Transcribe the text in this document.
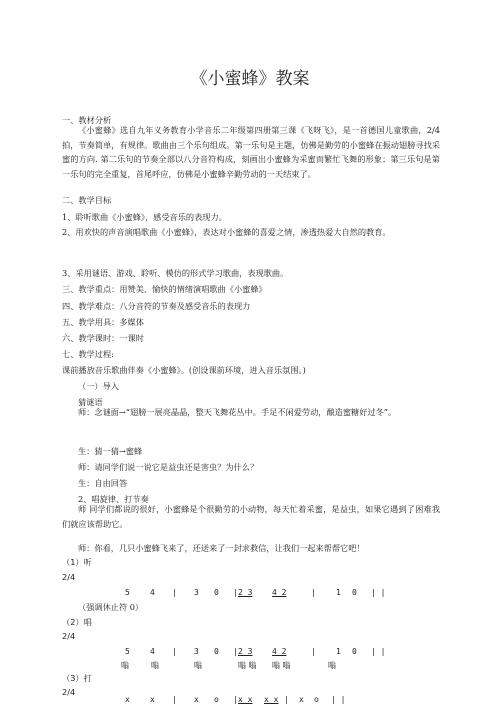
《小蜜蜂》教案
一、教材分析
《小蜜蜂》选自九年义务教育小学音乐二年级第四册第三课《飞呀飞》，是一首德国儿童歌曲，2/4拍，节奏简单，有规律。歌曲由三个乐句组成。第一乐句是主题，仿佛是勤劳的小蜜蜂在振动翅膀寻找采蜜的方向. 第二乐句的节奏全部以八分音符构成，刻画出小蜜蜂为采蜜而繁忙飞舞的形象；第三乐句是第一乐句的完全重复，首尾呼应，仿佛是小蜜蜂辛勤劳动的一天结束了。
二、教学目标
1、聆听歌曲《小蜜蜂》，感受音乐的表现力。
2、用欢快的声音演唱歌曲《小蜜蜂》，表达对小蜜蜂的喜爱之情，渗透热爱大自然的教育。
3、采用谜语、游戏、聆听、模仿的形式学习歌曲，表现歌曲。
三、教学重点：用赞美、愉快的情绪演唱歌曲《小蜜蜂》
四、教学难点：八分音符的节奏及感受音乐的表现力
五、教学用具：多媒体
六、教学课时：一课时
七、教学过程:
课前播放音乐歌曲伴奏《小蜜蜂》。(创设课前环境，进入音乐氛围。)
（一）导入
猜谜语
师：念谜面→“翅膀一展亮晶晶，整天飞舞花丛中。手足不闲爱劳动，酿造蜜糖好过冬”。
生：猜一猜→蜜蜂
师：请同学们说一说它是益虫还是害虫？为什么？
生：自由回答
2、唱旋律、打节奏
师 同学们都说的很好，小蜜蜂是个很勤劳的小动物，每天忙着采蜜，是益虫，如果它遇到了困难我们就应该帮助它。
师：你看，几只小蜜蜂飞来了，还送来了一封求救信，让我们一起来帮帮它吧！
（1）听
2/4
5	4 | 3 0 | 2 3 4 2	|	1 0 | |
（强调休止符 0）
（2）唱
2/4
5	4 | 3 0 | 2 3 4 2	|	1 0 | |
嗡	嗡	嗡	嗡 嗡 嗡 嗡	嗡
（3）打
2/4
x	x | x o | x x x x | x o | |
